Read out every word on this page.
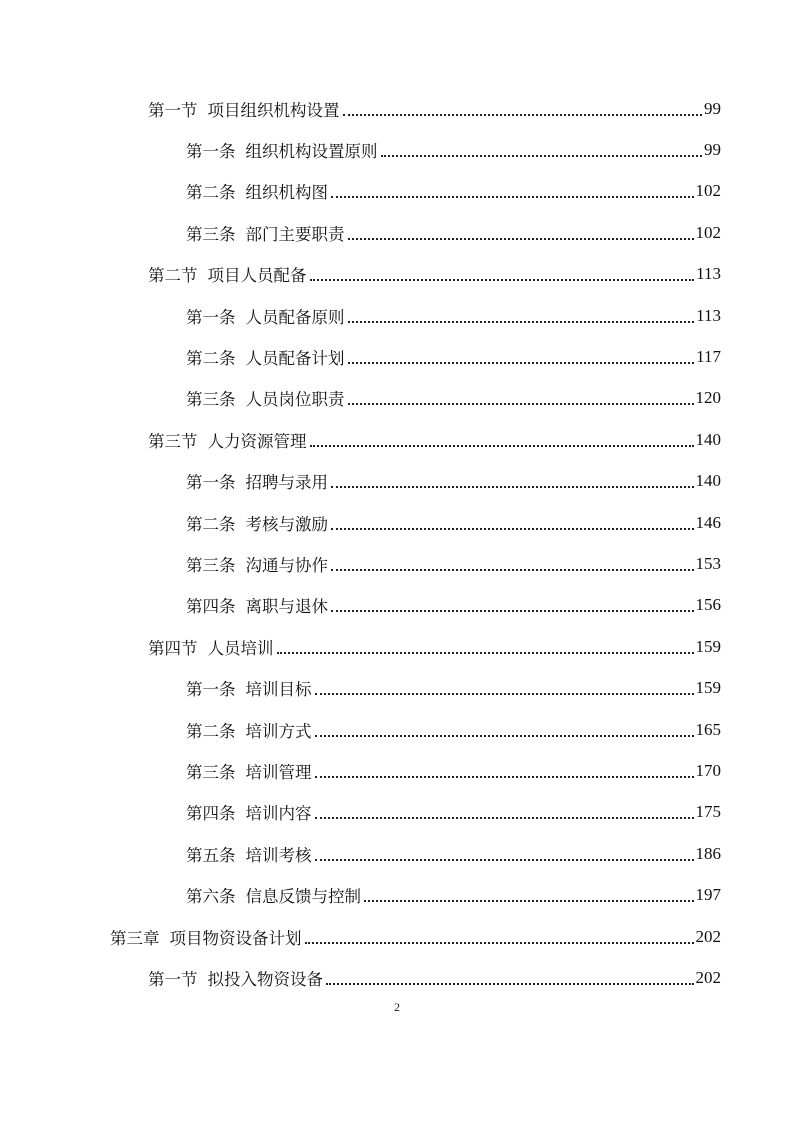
第一节 项目组织机构设置	99
第一条 组织机构设置原则	99
第二条 组织机构图	102
第三条 部门主要职责	102
第二节 项目人员配备	113
第一条 人员配备原则	113
第二条 人员配备计划	117
第三条 人员岗位职责	120
第三节 人力资源管理	140
第一条 招聘与录用	140
第二条 考核与激励	146
第三条 沟通与协作	153
第四条 离职与退休	156
第四节 人员培训	159
第一条 培训目标	159
第二条 培训方式	165
第三条 培训管理	170
第四条 培训内容	175
第五条 培训考核	186
第六条 信息反馈与控制	197
第三章 项目物资设备计划	202
第一节 拟投入物资设备	202
2
